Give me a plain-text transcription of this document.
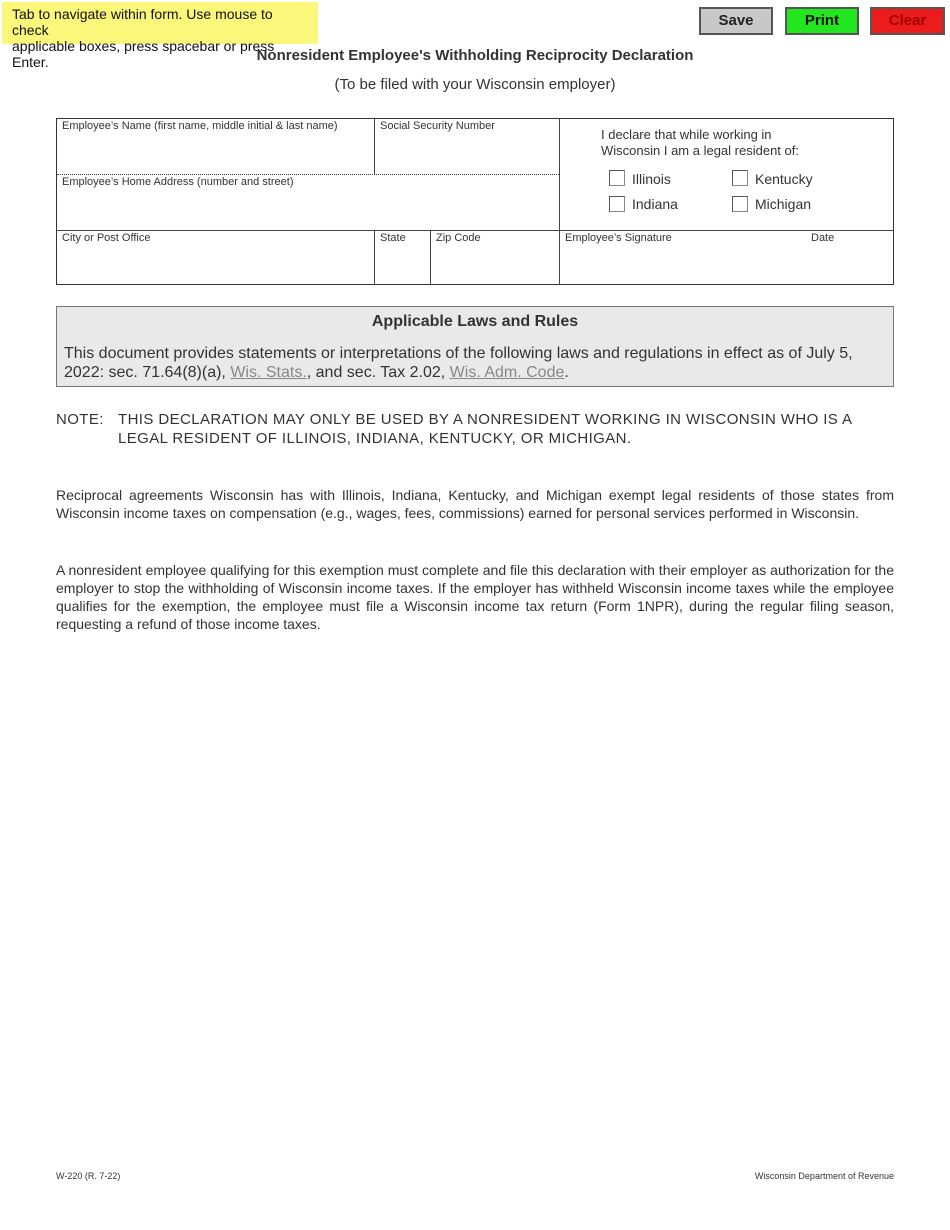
Tab to navigate within form. Use mouse to check
applicable boxes, press spacebar or press Enter.
Save	Print	Clear
Nonresident Employee's Withholding Reciprocity Declaration
(To be filed with your Wisconsin employer)
Employee’s Name (first name, middle initial & last name)	Social Security Number
Employee’s Home Address (number and street)
I declare that while working in
Wisconsin I am a legal resident of:
Illinois	Kentucky
Indiana	Michigan
City or Post Office	State	Zip Code	Employee’s Signature	Date
Applicable Laws and Rules
This document provides statements or interpretations of the following laws and regulations in effect as of July 5, 2022: sec. 71.64(8)(a), Wis. Stats., and sec. Tax 2.02, Wis. Adm. Code.
NOTE: THIS DECLARATION MAY ONLY BE USED BY A NONRESIDENT WORKING IN WISCONSIN WHO IS A LEGAL RESIDENT OF ILLINOIS, INDIANA, KENTUCKY, OR MICHIGAN.
Reciprocal agreements Wisconsin has with Illinois, Indiana, Kentucky, and Michigan exempt legal residents of those states from Wisconsin income taxes on compensation (e.g., wages, fees, commissions) earned for personal services performed in Wisconsin.
A nonresident employee qualifying for this exemption must complete and file this declaration with their employer as authorization for the employer to stop the withholding of Wisconsin income taxes. If the employer has withheld Wisconsin income taxes while the employee qualifies for the exemption, the employee must file a Wisconsin income tax return (Form 1NPR), during the regular filing season, requesting a refund of those income taxes.
W-220 (R. 7-22)	Wisconsin Department of Revenue
